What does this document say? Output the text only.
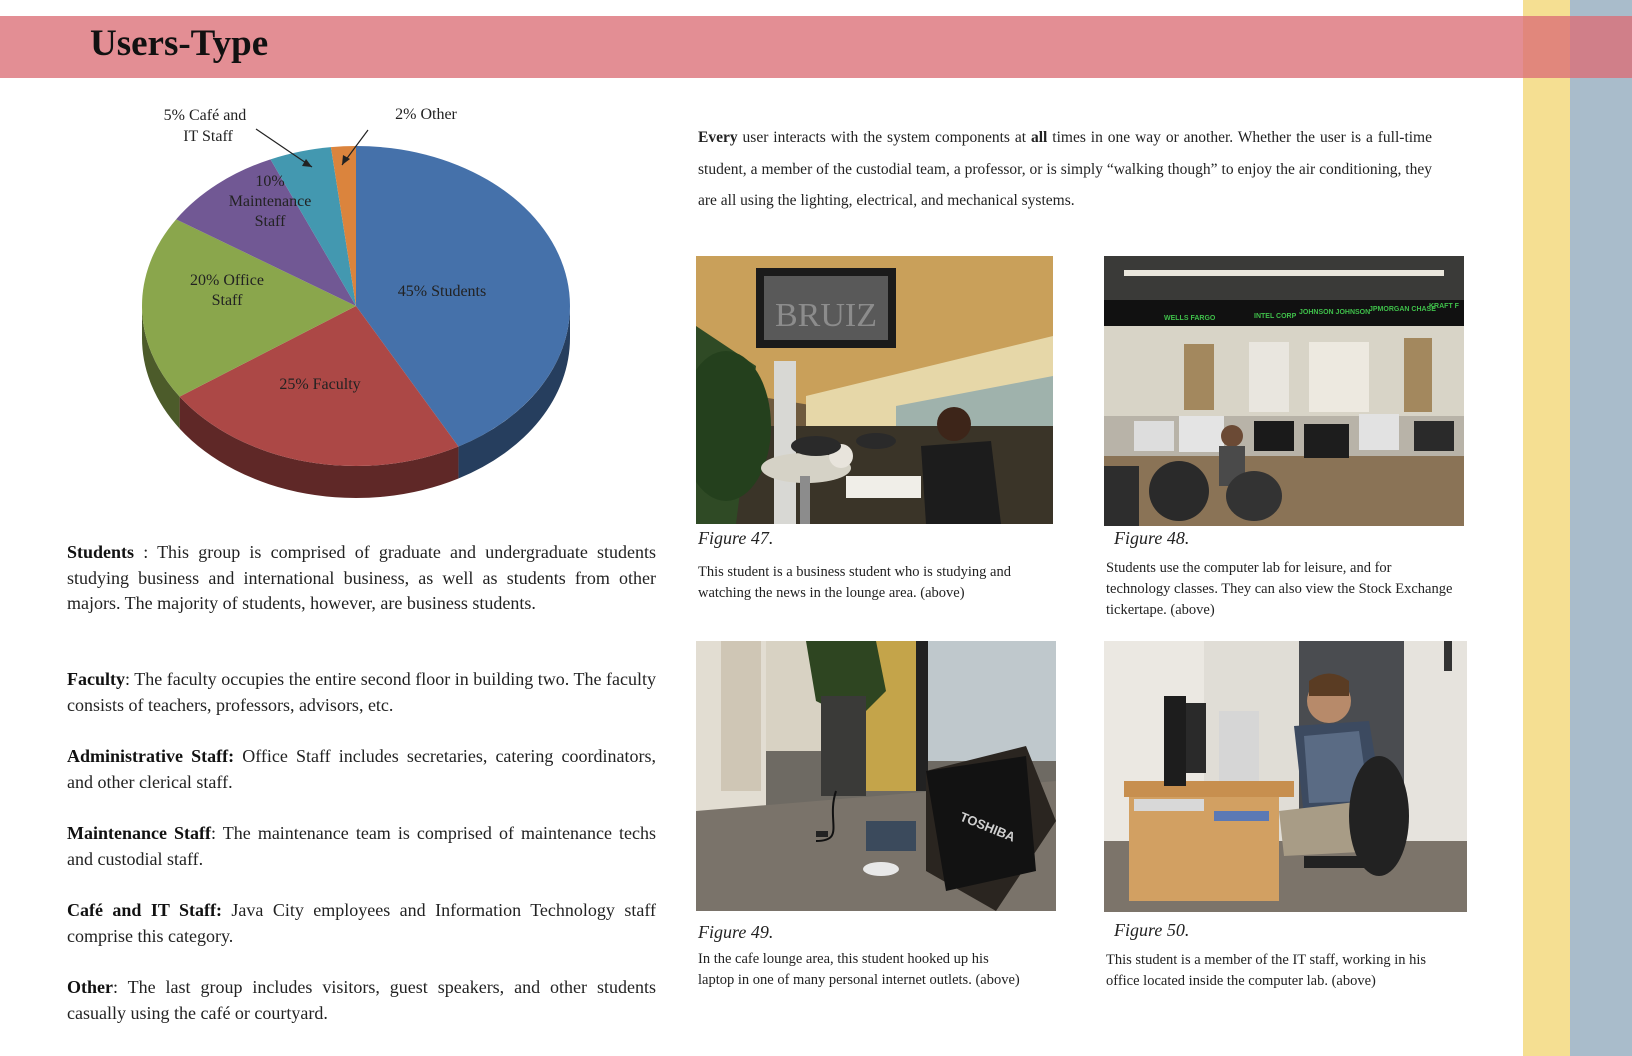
Users-Type
45% Students
25% Faculty
20% Office
Staff
10%
Maintenance
Staff
5% Café and
IT Staff
2% Other

Students : This group is comprised of graduate and undergraduate students studying business and international business, as well as students from other majors. The majority of students, however, are business students.

Faculty: The faculty occupies the entire second floor in building two. The faculty consists of teachers, professors, advisors, etc.

Administrative Staff: Office Staff includes secretaries, catering coordinators, and other clerical staff.

Maintenance Staff: The maintenance team is comprised of maintenance techs and custodial staff.

Café and IT Staff: Java City employees and Information Technology staff comprise this category.

Other: The last group includes visitors, guest speakers, and other students casually using the café or courtyard.

Every user interacts with the system components at all times in one way or another. Whether the user is a full-time student, a member of the custodial team, a professor, or is simply “walking though” to enjoy the air conditioning, they are all using the lighting, electrical, and mechanical systems.

BRUIZ

Figure 47.

This student is a business student who is studying and watching the news in the lounge area. (above)

WELLS FARGO	INTEL CORP
JOHNSON JOHNSON
JPMORGAN CHASE
KRAFT F

Figure 48.

Students use the computer lab for leisure, and for technology classes. They can also view the Stock Exchange tickertape. (above)

TOSHIBA

Figure 49.

In the cafe lounge area, this student hooked up his laptop in one of many personal internet outlets. (above)

Figure 50.

This student is a member of the IT staff, working in his office located inside the computer lab. (above)
